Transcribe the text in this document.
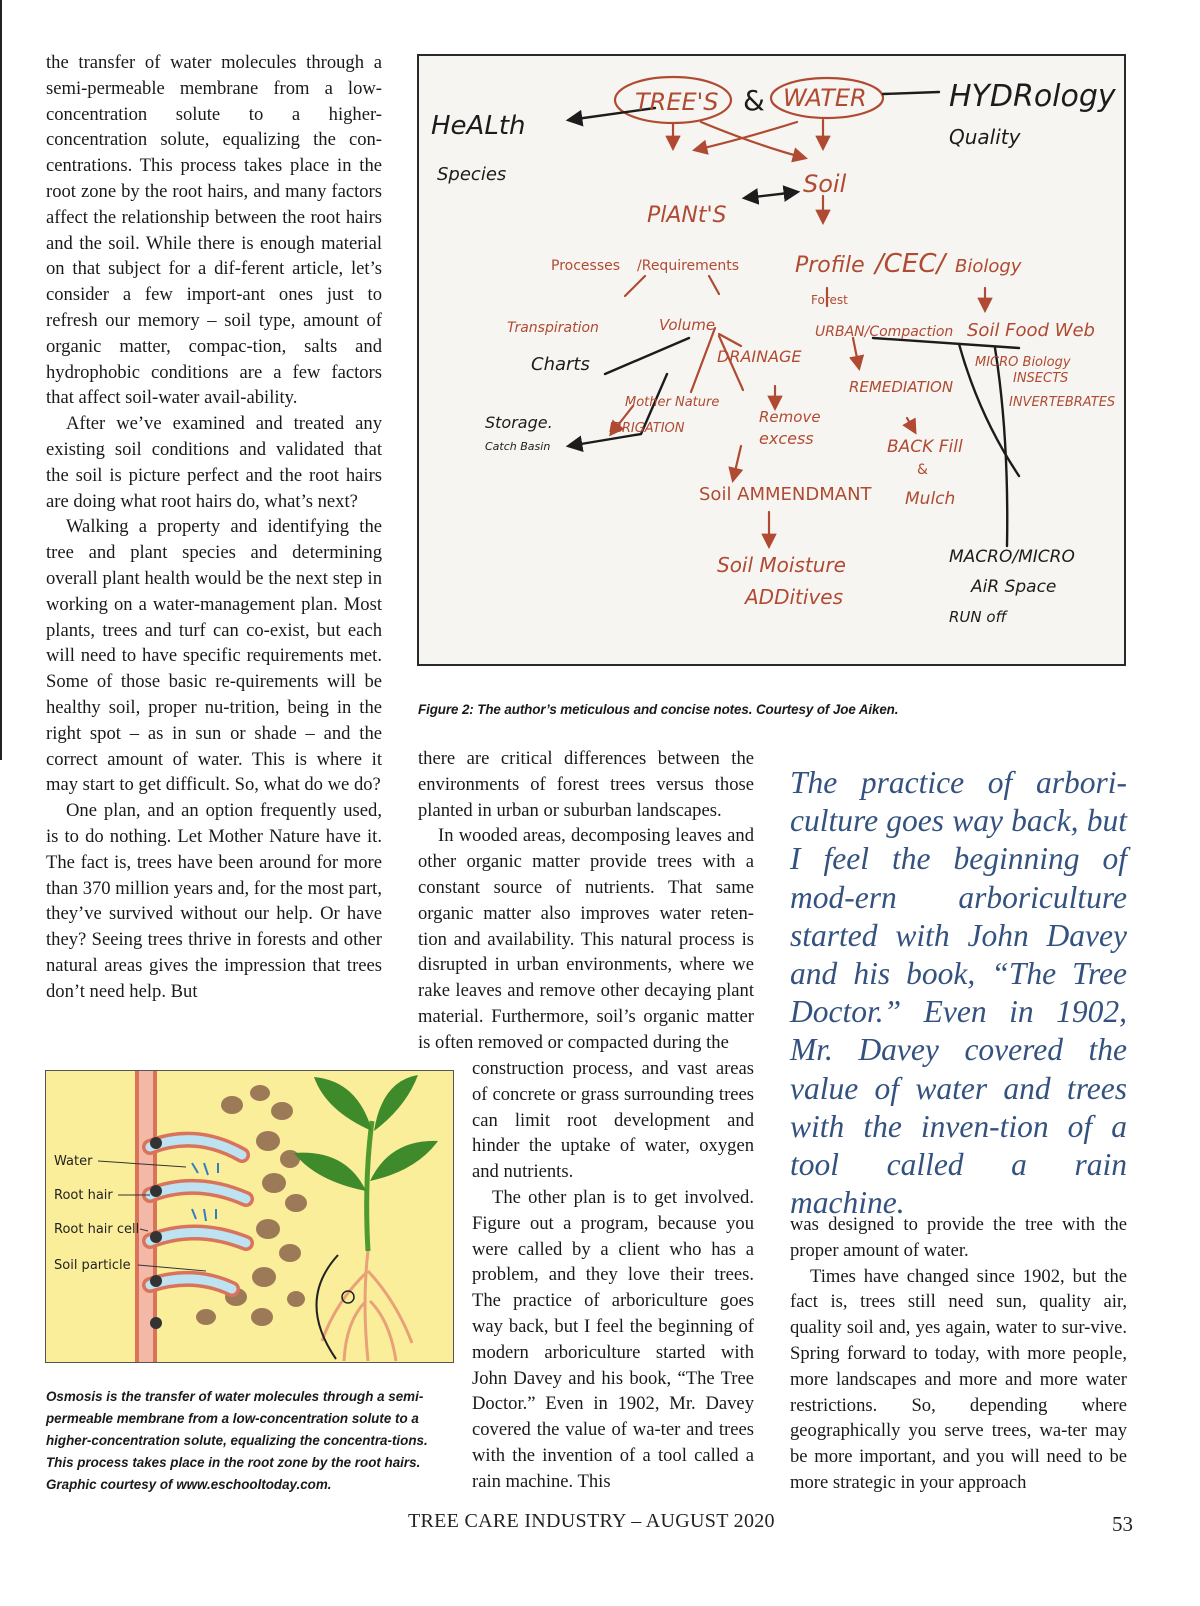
the transfer of water molecules through a semi-permeable membrane from a low-concentration solute to a higher-concentration solute, equalizing the con-centrations. This process takes place in the root zone by the root hairs, and many factors affect the relationship between the root hairs and the soil. While there is enough material on that subject for a dif-ferent article, let’s consider a few import-ant ones just to refresh our memory – soil type, amount of organic matter, compac-tion, salts and hydrophobic conditions are a few factors that affect soil-water avail-ability.

After we’ve examined and treated any existing soil conditions and validated that the soil is picture perfect and the root hairs are doing what root hairs do, what’s next?

Walking a property and identifying the tree and plant species and determining overall plant health would be the next step in working on a water-management plan. Most plants, trees and turf can co-exist, but each will need to have specific requirements met. Some of those basic re-quirements will be healthy soil, proper nu-trition, being in the right spot – as in sun or shade – and the correct amount of water. This is where it may start to get difficult. So, what do we do?

One plan, and an option frequently used, is to do nothing. Let Mother Nature have it. The fact is, trees have been around for more than 370 million years and, for the most part, they’ve survived without our help. Or have they? Seeing trees thrive in forests and other natural areas gives the impression that trees don’t need help. But

TREE'S & WATER
PlANt'S
Soil
Processes /Requirements	Profile /CEC/ Biology
Forest
Transpiration	Volume	URBAN/Compaction Soil Food Web
Charts	DRAINAGE	MICRO Biology
INSECTS
INVERTEBRATES
REMEDIATION
Mother Nature
IRRIGATION
Remove
excess	BACK Fill
&
Mulch
Soil AMMENDMANT
Soil Moisture
ADDitives
HYDRology
Quality
HeALth
Species
Storage.
Catch Basin
MACRO/MICRO
AiR Space
RUN off
Figure 2: The author’s meticulous and concise notes. Courtesy of Joe Aiken.

there are critical differences between the environments of forest trees versus those planted in urban or suburban landscapes.

In wooded areas, decomposing leaves and other organic matter provide trees with a constant source of nutrients. That same organic matter also improves water reten-tion and availability. This natural process is disrupted in urban environments, where we rake leaves and remove other decaying plant material. Furthermore, soil’s organic matter is often removed or compacted during the

construction process, and vast areas of concrete or grass surrounding trees can limit root development and hinder the uptake of water, oxygen and nutrients.

The other plan is to get involved. Figure out a program, because you were called by a client who has a problem, and they love their trees. The practice of arboriculture goes way back, but I feel the beginning of modern arboriculture started with John Davey and his book, “The Tree Doctor.” Even in 1902, Mr. Davey covered the value of wa-ter and trees with the invention of a tool called a rain machine. This

The practice of arbori-culture goes way back, but I feel the beginning of mod-ern arboriculture started with John Davey and his book, “The Tree Doctor.” Even in 1902, Mr. Davey covered the value of water and trees with the inven-tion of a tool called a rain machine.

was designed to provide the tree with the proper amount of water.

Times have changed since 1902, but the fact is, trees still need sun, quality air, quality soil and, yes again, water to sur-vive. Spring forward to today, with more people, more landscapes and more and more water restrictions. So, depending where geographically you serve trees, wa-ter may be more important, and you will need to be more strategic in your approach

Water
Root hair
Root hair cell
Soil particle
Osmosis is the transfer of water molecules through a semi-permeable membrane from a low-concentration solute to a higher-concentration solute, equalizing the concentra-tions. This process takes place in the root zone by the root hairs. Graphic courtesy of www.eschooltoday.com.
TREE CARE INDUSTRY – AUGUST 2020	53
